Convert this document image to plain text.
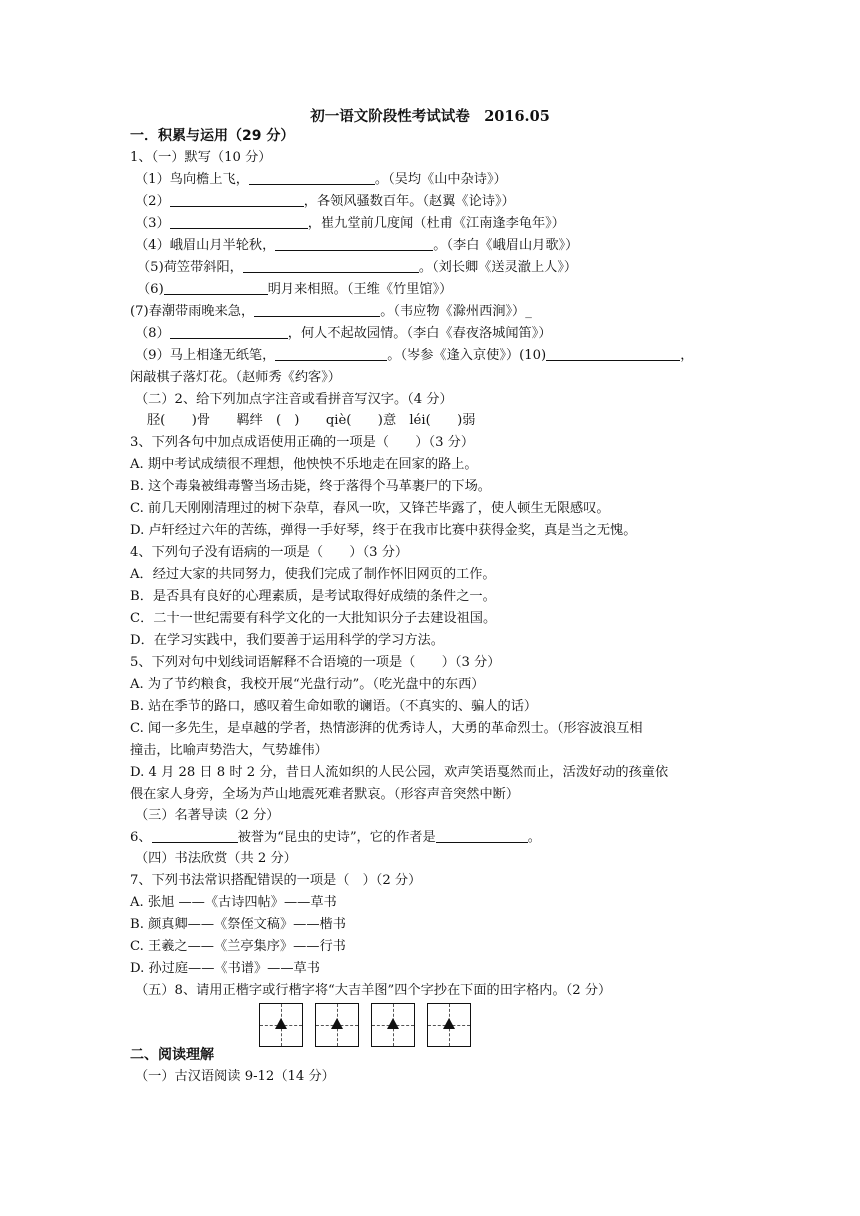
初一语文阶段性考试试卷　2016.05
一．积累与运用（29 分）
1、（一）默写（10 分）
（1）鸟向檐上飞，	。（吴均《山中杂诗》）
（2）	，各领风骚数百年。（赵翼《论诗》）
（3）	，崔九堂前几度闻（杜甫《江南逢李龟年》）
（4）峨眉山月半轮秋，	。（李白《峨眉山月歌》）
（5)荷笠带斜阳，	。（刘长卿《送灵澈上人》）
（6)	明月来相照。（王维《竹里馆》）
(7)春潮带雨晚来急，	。（韦应物《滁州西涧》）_
（8）	，何人不起故园情。（李白《春夜洛城闻笛》）
（9）马上相逢无纸笔，	。（岑参《逢入京使》）(10)	，
闲敲棋子落灯花。（赵师秀《约客》）
（二）2、给下列加点字注音或看拼音写汉字。（4 分）
胫(　　)骨　　羁绊　(　)　　qiè(　　)意　léi(　　)弱
3、下列各句中加点成语使用正确的一项是（　　）（3 分）
A. 期中考试成绩很不理想，他怏怏不乐地走在回家的路上。
B. 这个毒枭被缉毒警当场击毙，终于落得个马革裹尸的下场。
C. 前几天刚刚清理过的树下杂草，春风一吹，又锋芒毕露了，使人顿生无限感叹。
D. 卢轩经过六年的苦练，弹得一手好琴，终于在我市比赛中获得金奖，真是当之无愧。
4、下列句子没有语病的一项是（　　）（3 分）
A．经过大家的共同努力，使我们完成了制作怀旧网页的工作。
B．是否具有良好的心理素质，是考试取得好成绩的条件之一。
C．二十一世纪需要有科学文化的一大批知识分子去建设祖国。
D．在学习实践中，我们要善于运用科学的学习方法。
5、下列对句中划线词语解释不合语境的一项是（　　）（3 分）
A. 为了节约粮食，我校开展“光盘行动”。（吃光盘中的东西）
B. 站在季节的路口，感叹着生命如歌的谰语。（不真实的、骗人的话）
C. 闻一多先生，是卓越的学者，热情澎湃的优秀诗人，大勇的革命烈士。（形容波浪互相
撞击，比喻声势浩大，气势雄伟）
D. 4 月 28 日 8 时 2 分，昔日人流如织的人民公园，欢声笑语戛然而止，活泼好动的孩童依
偎在家人身旁，全场为芦山地震死难者默哀。（形容声音突然中断）
（三）名著导读（2 分）
6、	被誉为“昆虫的史诗”，它的作者是	。
（四）书法欣赏（共 2 分）
7、下列书法常识搭配错误的一项是（　）（2 分）
A. 张旭 ——《古诗四帖》——草书
B. 颜真卿——《祭侄文稿》——楷书
C. 王羲之——《兰亭集序》——行书
D. 孙过庭——《书谱》——草书
（五）8、请用正楷字或行楷字将“大吉羊图”四个字抄在下面的田字格内。（2 分）
二、阅读理解
（一）古汉语阅读 9-12（14 分）
